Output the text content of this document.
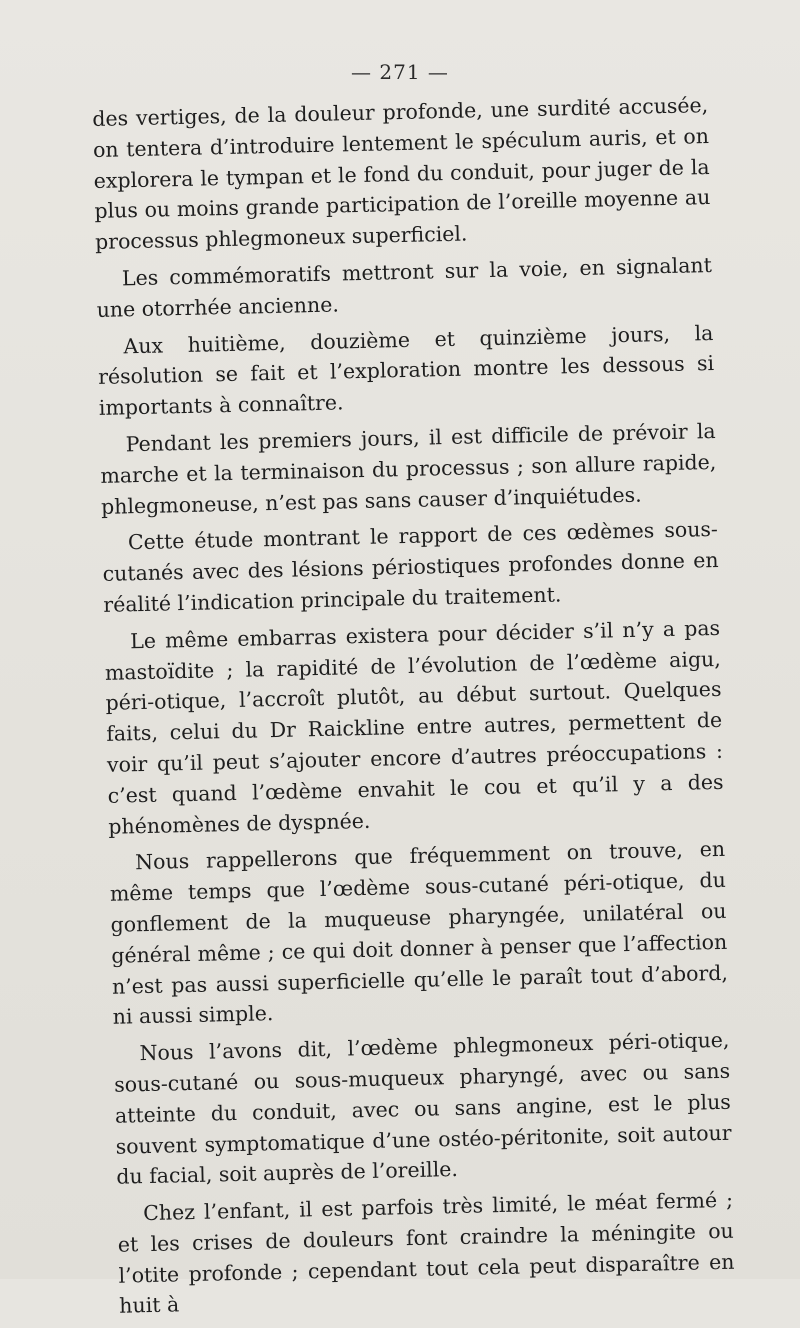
— 271 —

des vertiges, de la douleur profonde, une surdité accusée, on tentera d’introduire lentement le spéculum auris, et on explorera le tympan et le fond du conduit, pour juger de la plus ou moins grande participation de l’oreille moyenne au processus phlegmoneux superficiel.

Les commémoratifs mettront sur la voie, en signalant une otorrhée ancienne.

Aux huitième, douzième et quinzième jours, la résolution se fait et l’exploration montre les dessous si importants à connaître.

Pendant les premiers jours, il est difficile de prévoir la marche et la terminaison du processus ; son allure rapide, phlegmoneuse, n’est pas sans causer d’inquiétudes.

Cette étude montrant le rapport de ces œdèmes sous-cutanés avec des lésions périostiques profondes donne en réalité l’indication principale du traitement.

Le même embarras existera pour décider s’il n’y a pas mastoïdite ; la rapidité de l’évolution de l’œdème aigu, péri-otique, l’accroît plutôt, au début surtout. Quelques faits, celui du Dr Raickline entre autres, permettent de voir qu’il peut s’ajouter encore d’autres préoccupations : c’est quand l’œdème envahit le cou et qu’il y a des phénomènes de dyspnée.

Nous rappellerons que fréquemment on trouve, en même temps que l’œdème sous-cutané péri-otique, du gonflement de la muqueuse pharyngée, unilatéral ou général même ; ce qui doit donner à penser que l’affection n’est pas aussi superficielle qu’elle le paraît tout d’abord, ni aussi simple.

Nous l’avons dit, l’œdème phlegmoneux péri-otique, sous-cutané ou sous-muqueux pharyngé, avec ou sans atteinte du conduit, avec ou sans angine, est le plus souvent symptomatique d’une ostéo-péritonite, soit autour du facial, soit auprès de l’oreille.

Chez l’enfant, il est parfois très limité, le méat fermé ; et les crises de douleurs font craindre la méningite ou l’otite profonde ; cependant tout cela peut disparaître en huit à
